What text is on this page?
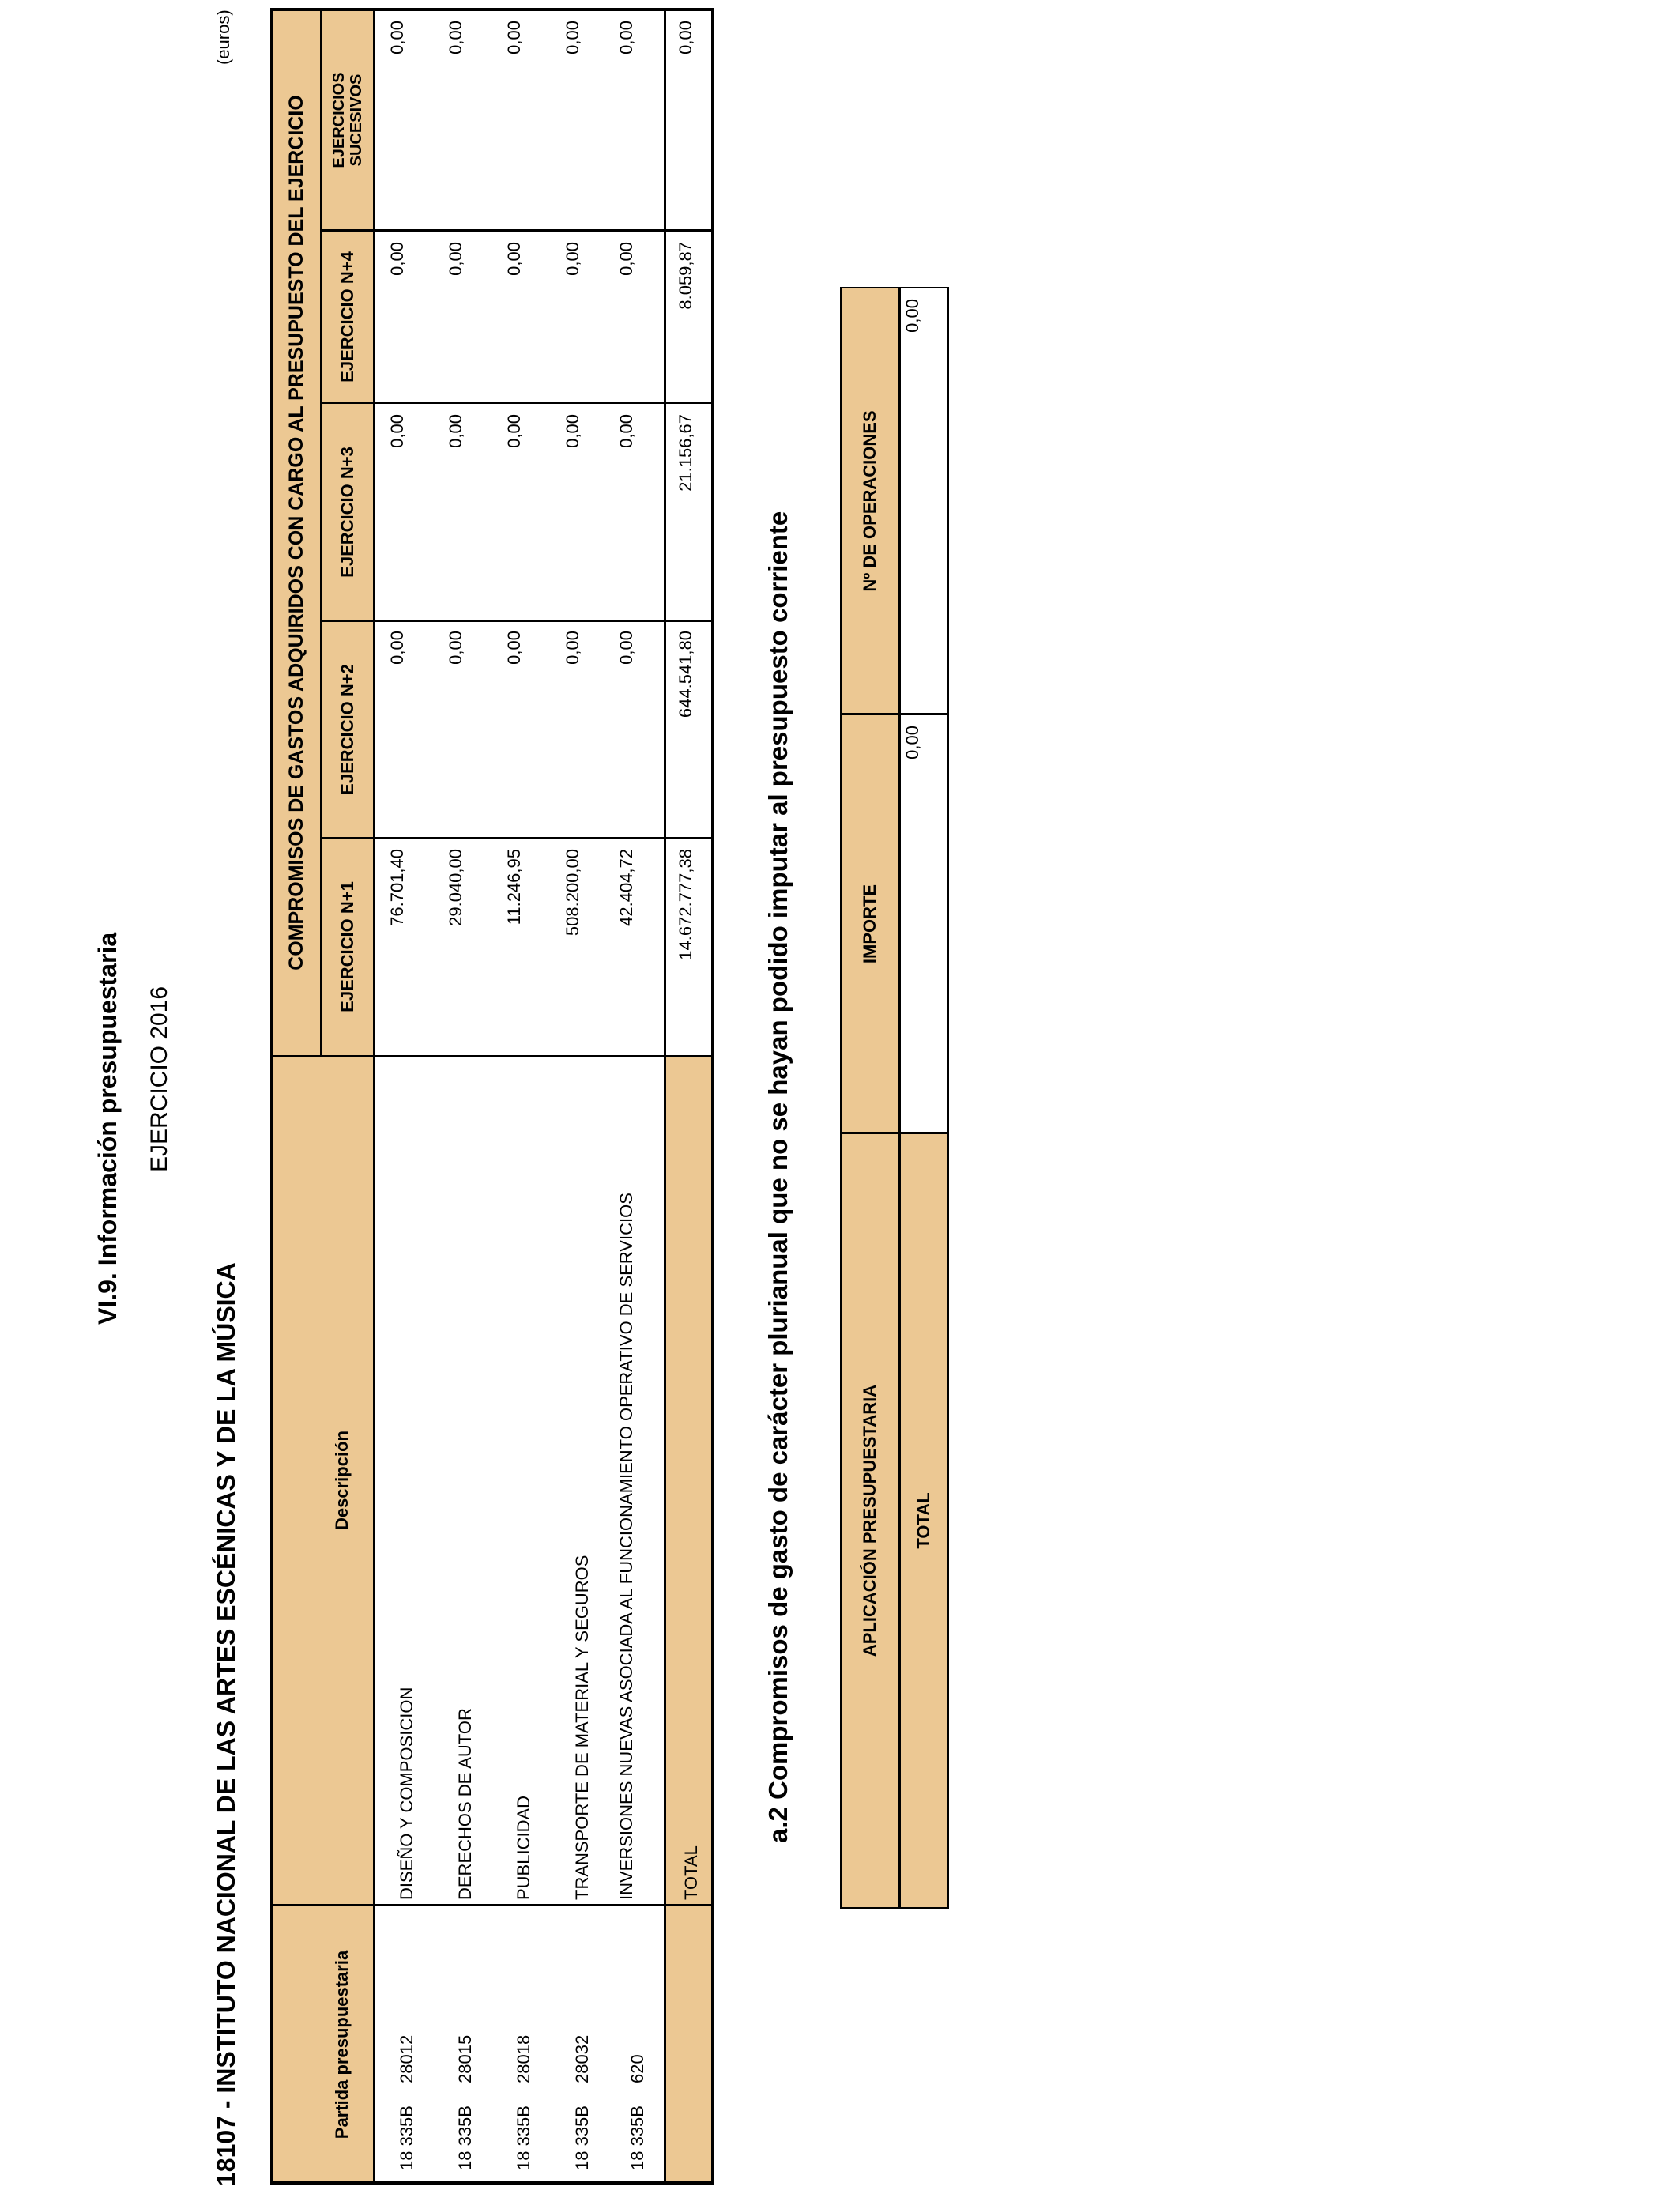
VI.9. Información presupuestaria EJERCICIO 2016
18107 - INSTITUTO NACIONAL DE LAS ARTES ESCÉNICAS Y DE LA MÚSICA
(euros)
Partida presupuestaria
Descripción
COMPROMISOS DE GASTOS ADQUIRIDOS CON CARGO AL PRESUPUESTO DEL EJERCICIO	EJERCICIO N+1
EJERCICIO N+2
EJERCICIO N+3
EJERCICIO N+4
EJERCICIOS SUCESIVOS
18 335B
28012
DISEÑO Y COMPOSICION
76.701,40
0,00
0,00
0,00
0,00
18 335B
28015
DERECHOS DE AUTOR
29.040,00
0,00
0,00
0,00
0,00
18 335B
28018
PUBLICIDAD
11.246,95
0,00
0,00
0,00
0,00
18 335B
28032
TRANSPORTE DE MATERIAL Y SEGUROS
508.200,00
0,00
0,00
0,00
0,00
18 335B
620
INVERSIONES NUEVAS ASOCIADA AL FUNCIONAMIENTO OPERATIVO DE SERVICIOS
42.404,72
0,00
0,00
0,00
0,00
TOTAL
14.672.777,38
644.541,80
21.156,67
8.059,87
0,00
a.2 Compromisos de gasto de carácter plurianual que no se hayan podido imputar al presupuesto corriente	APLICACIÓN PRESUPUESTARIA
IMPORTE
Nº DE OPERACIONES
TOTAL
0,00
0,00
